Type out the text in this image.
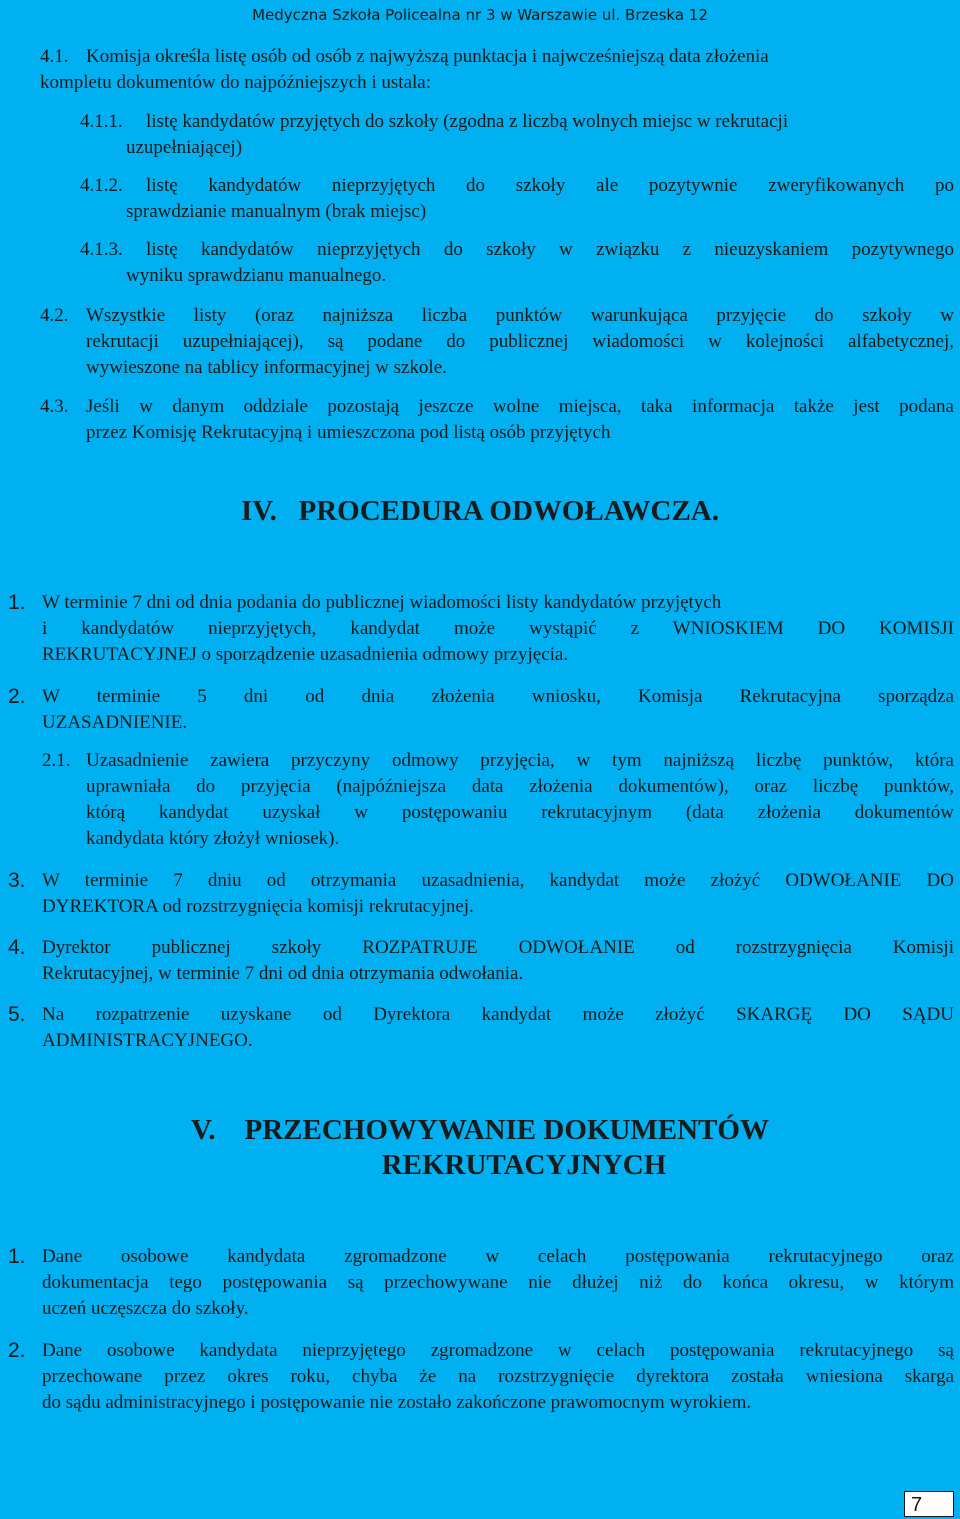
Medyczna Szkoła Policealna nr 3 w Warszawie ul. Brzeska 12
4.1. Komisja określa listę osób od osób z najwyższą punktacja i najwcześniejszą data złożenia
kompletu dokumentów do najpóźniejszych i ustala:
4.1.1. listę kandydatów przyjętych do szkoły (zgodna z liczbą wolnych miejsc w rekrutacji
uzupełniającej)
4.1.2. listę kandydatów nieprzyjętych do szkoły ale pozytywnie zweryfikowanych po
sprawdzianie manualnym (brak miejsc)
4.1.3. listę kandydatów nieprzyjętych do szkoły w związku z nieuzyskaniem pozytywnego
wyniku sprawdzianu manualnego.
4.2. Wszystkie listy (oraz najniższa liczba punktów warunkująca przyjęcie do szkoły w
rekrutacji uzupełniającej), są podane do publicznej wiadomości w kolejności alfabetycznej,
wywieszone na tablicy informacyjnej w szkole.
4.3. Jeśli w danym oddziale pozostają jeszcze wolne miejsca, taka informacja także jest podana
przez Komisję Rekrutacyjną i umieszczona pod listą osób przyjętych
IV.   PROCEDURA ODWOŁAWCZA.
1. W terminie 7 dni od dnia podania do publicznej wiadomości listy kandydatów przyjętych
i kandydatów nieprzyjętych, kandydat może wystąpić z WNIOSKIEM DO KOMISJI
REKRUTACYJNEJ o sporządzenie uzasadnienia odmowy przyjęcia.
2. W terminie 5 dni od dnia złożenia wniosku, Komisja Rekrutacyjna sporządza
UZASADNIENIE.
2.1. Uzasadnienie zawiera przyczyny odmowy przyjęcia, w tym najniższą liczbę punktów, która
uprawniała do przyjęcia (najpóźniejsza data złożenia dokumentów), oraz liczbę punktów,
którą kandydat uzyskał w postępowaniu rekrutacyjnym (data złożenia dokumentów
kandydata który złożył wniosek).
3. W terminie 7 dniu od otrzymania uzasadnienia, kandydat może złożyć ODWOŁANIE DO
DYREKTORA od rozstrzygnięcia komisji rekrutacyjnej.
4. Dyrektor publicznej szkoły ROZPATRUJE ODWOŁANIE od rozstrzygnięcia Komisji
Rekrutacyjnej, w terminie 7 dni od dnia otrzymania odwołania.
5. Na rozpatrzenie uzyskane od Dyrektora kandydat może złożyć SKARGĘ DO SĄDU
ADMINISTRACYJNEGO.
V.    PRZECHOWYWANIE DOKUMENTÓW
REKRUTACYJNYCH
1. Dane osobowe kandydata zgromadzone w celach postępowania rekrutacyjnego oraz
dokumentacja tego postępowania są przechowywane nie dłużej niż do końca okresu, w którym
uczeń uczęszcza do szkoły.
2. Dane osobowe kandydata nieprzyjętego zgromadzone w celach postępowania rekrutacyjnego są
przechowane przez okres roku, chyba że na rozstrzygnięcie dyrektora została wniesiona skarga
do sądu administracyjnego i postępowanie nie zostało zakończone prawomocnym wyrokiem.
7
